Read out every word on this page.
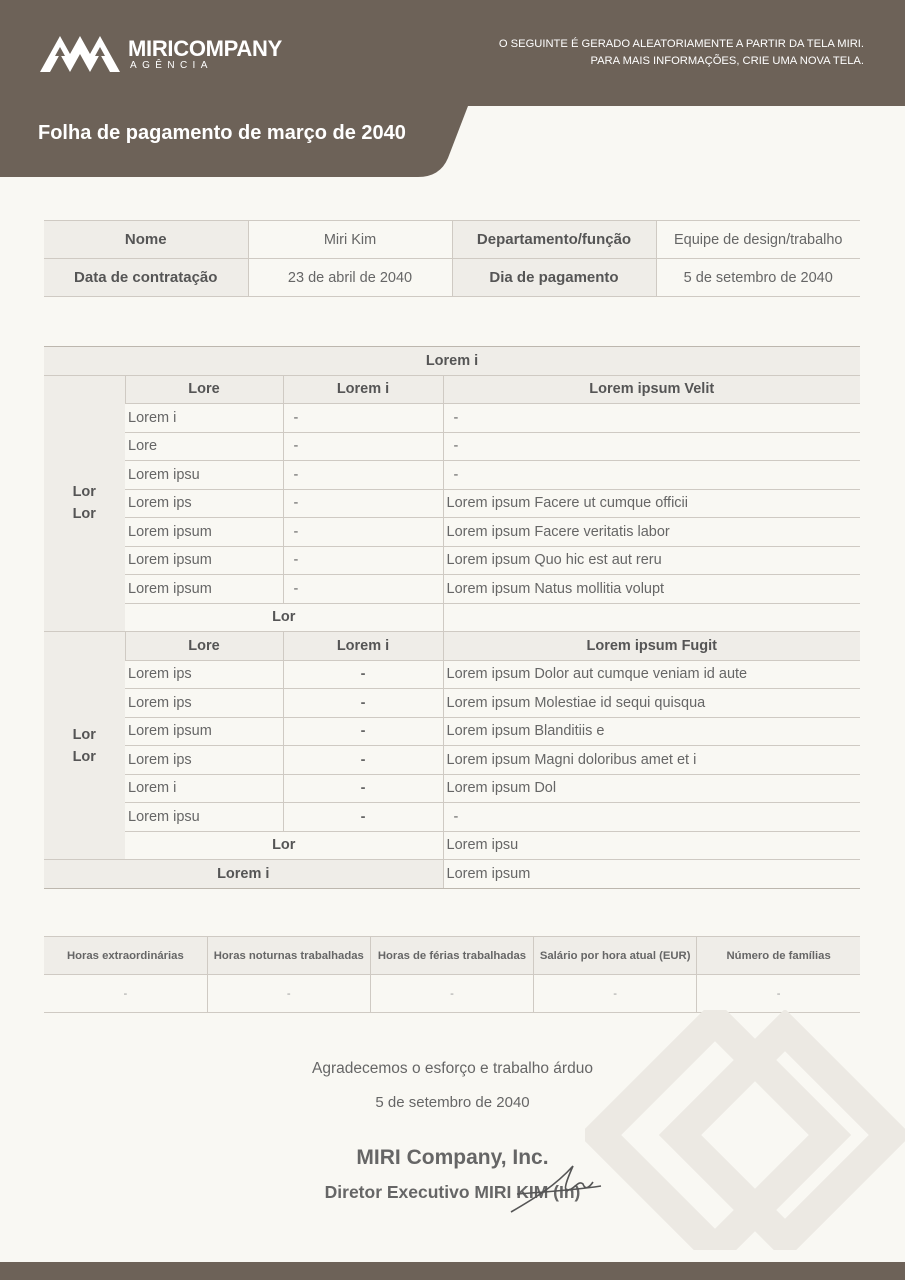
MIRICOMPANY
AGÊNCIA
O SEGUINTE É GERADO ALEATORIAMENTE A PARTIR DA TELA MIRI.
PARA MAIS INFORMAÇÕES, CRIE UMA NOVA TELA.
Folha de pagamento de março de 2040
Nome	Miri Kim	Departamento/função	Equipe de design/trabalho
Data de contratação	23 de abril de 2040	Dia de pagamento	5 de setembro de 2040
Lorem i			

Lor
Lor	Lore	Lorem i	Lorem ipsum Velit
	Lorem i	-	-
	Lore	-	-
	Lorem ipsu	-	-
	Lorem ips	-	Lorem ipsum Facere ut cumque officii
	Lorem ipsum	-	Lorem ipsum Facere veritatis labor
	Lorem ipsum	-	Lorem ipsum Quo hic est aut reru
	Lorem ipsum	-	Lorem ipsum Natus mollitia volupt
	Lor		

Lor
Lor	Lore	Lorem i	Lorem ipsum Fugit
	Lorem ips	-	Lorem ipsum Dolor aut cumque veniam id aute
	Lorem ips	-	Lorem ipsum Molestiae id sequi quisqua
	Lorem ipsum	-	Lorem ipsum Blanditiis e
	Lorem ips	-	Lorem ipsum Magni doloribus amet et i
	Lorem i	-	Lorem ipsum Dol
	Lorem ipsu	-	-
	Lor		Lorem ipsu
Lorem i			Lorem ipsum
Horas extraordinárias	Horas noturnas trabalhadas	Horas de férias trabalhadas	Salário por hora atual (EUR)	Número de famílias
-	-	-	-	-
Agradecemos o esforço e trabalho árduo
5 de setembro de 2040
MIRI Company, Inc.
Diretor Executivo MIRI KIM (In)
